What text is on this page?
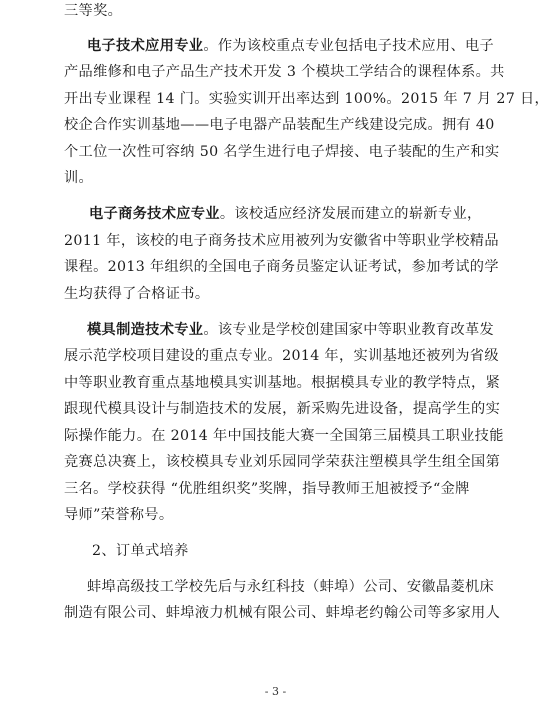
三等奖。
电子技术应用专业。作为该校重点专业包括电子技术应用、电子
产品维修和电子产品生产技术开发 3 个模块工学结合的课程体系。共
开出专业课程 14 门。实验实训开出率达到 100%。2015 年 7 月 27 日，
校企合作实训基地——电子电器产品装配生产线建设完成。拥有 40
个工位一次性可容纳 50 名学生进行电子焊接、电子装配的生产和实
训。
电子商务技术应专业。该校适应经济发展而建立的崭新专业，
2011 年，该校的电子商务技术应用被列为安徽省中等职业学校精品
课程。2013 年组织的全国电子商务员鉴定认证考试，参加考试的学
生均获得了合格证书。
模具制造技术专业。该专业是学校创建国家中等职业教育改革发
展示范学校项目建设的重点专业。2014 年，实训基地还被列为省级
中等职业教育重点基地模具实训基地。根据模具专业的教学特点，紧
跟现代模具设计与制造技术的发展，新采购先进设备，提高学生的实
际操作能力。在 2014 年中国技能大赛一全国第三届模具工职业技能
竞赛总决赛上，该校模具专业刘乐园同学荣获注塑模具学生组全国第
三名。学校获得 “优胜组织奖”奖牌，指导教师王旭被授予“金牌
导师”荣誉称号。
2、订单式培养
蚌埠高级技工学校先后与永红科技（蚌埠）公司、安徽晶菱机床
制造有限公司、蚌埠液力机械有限公司、蚌埠老约翰公司等多家用人
- 3 -
